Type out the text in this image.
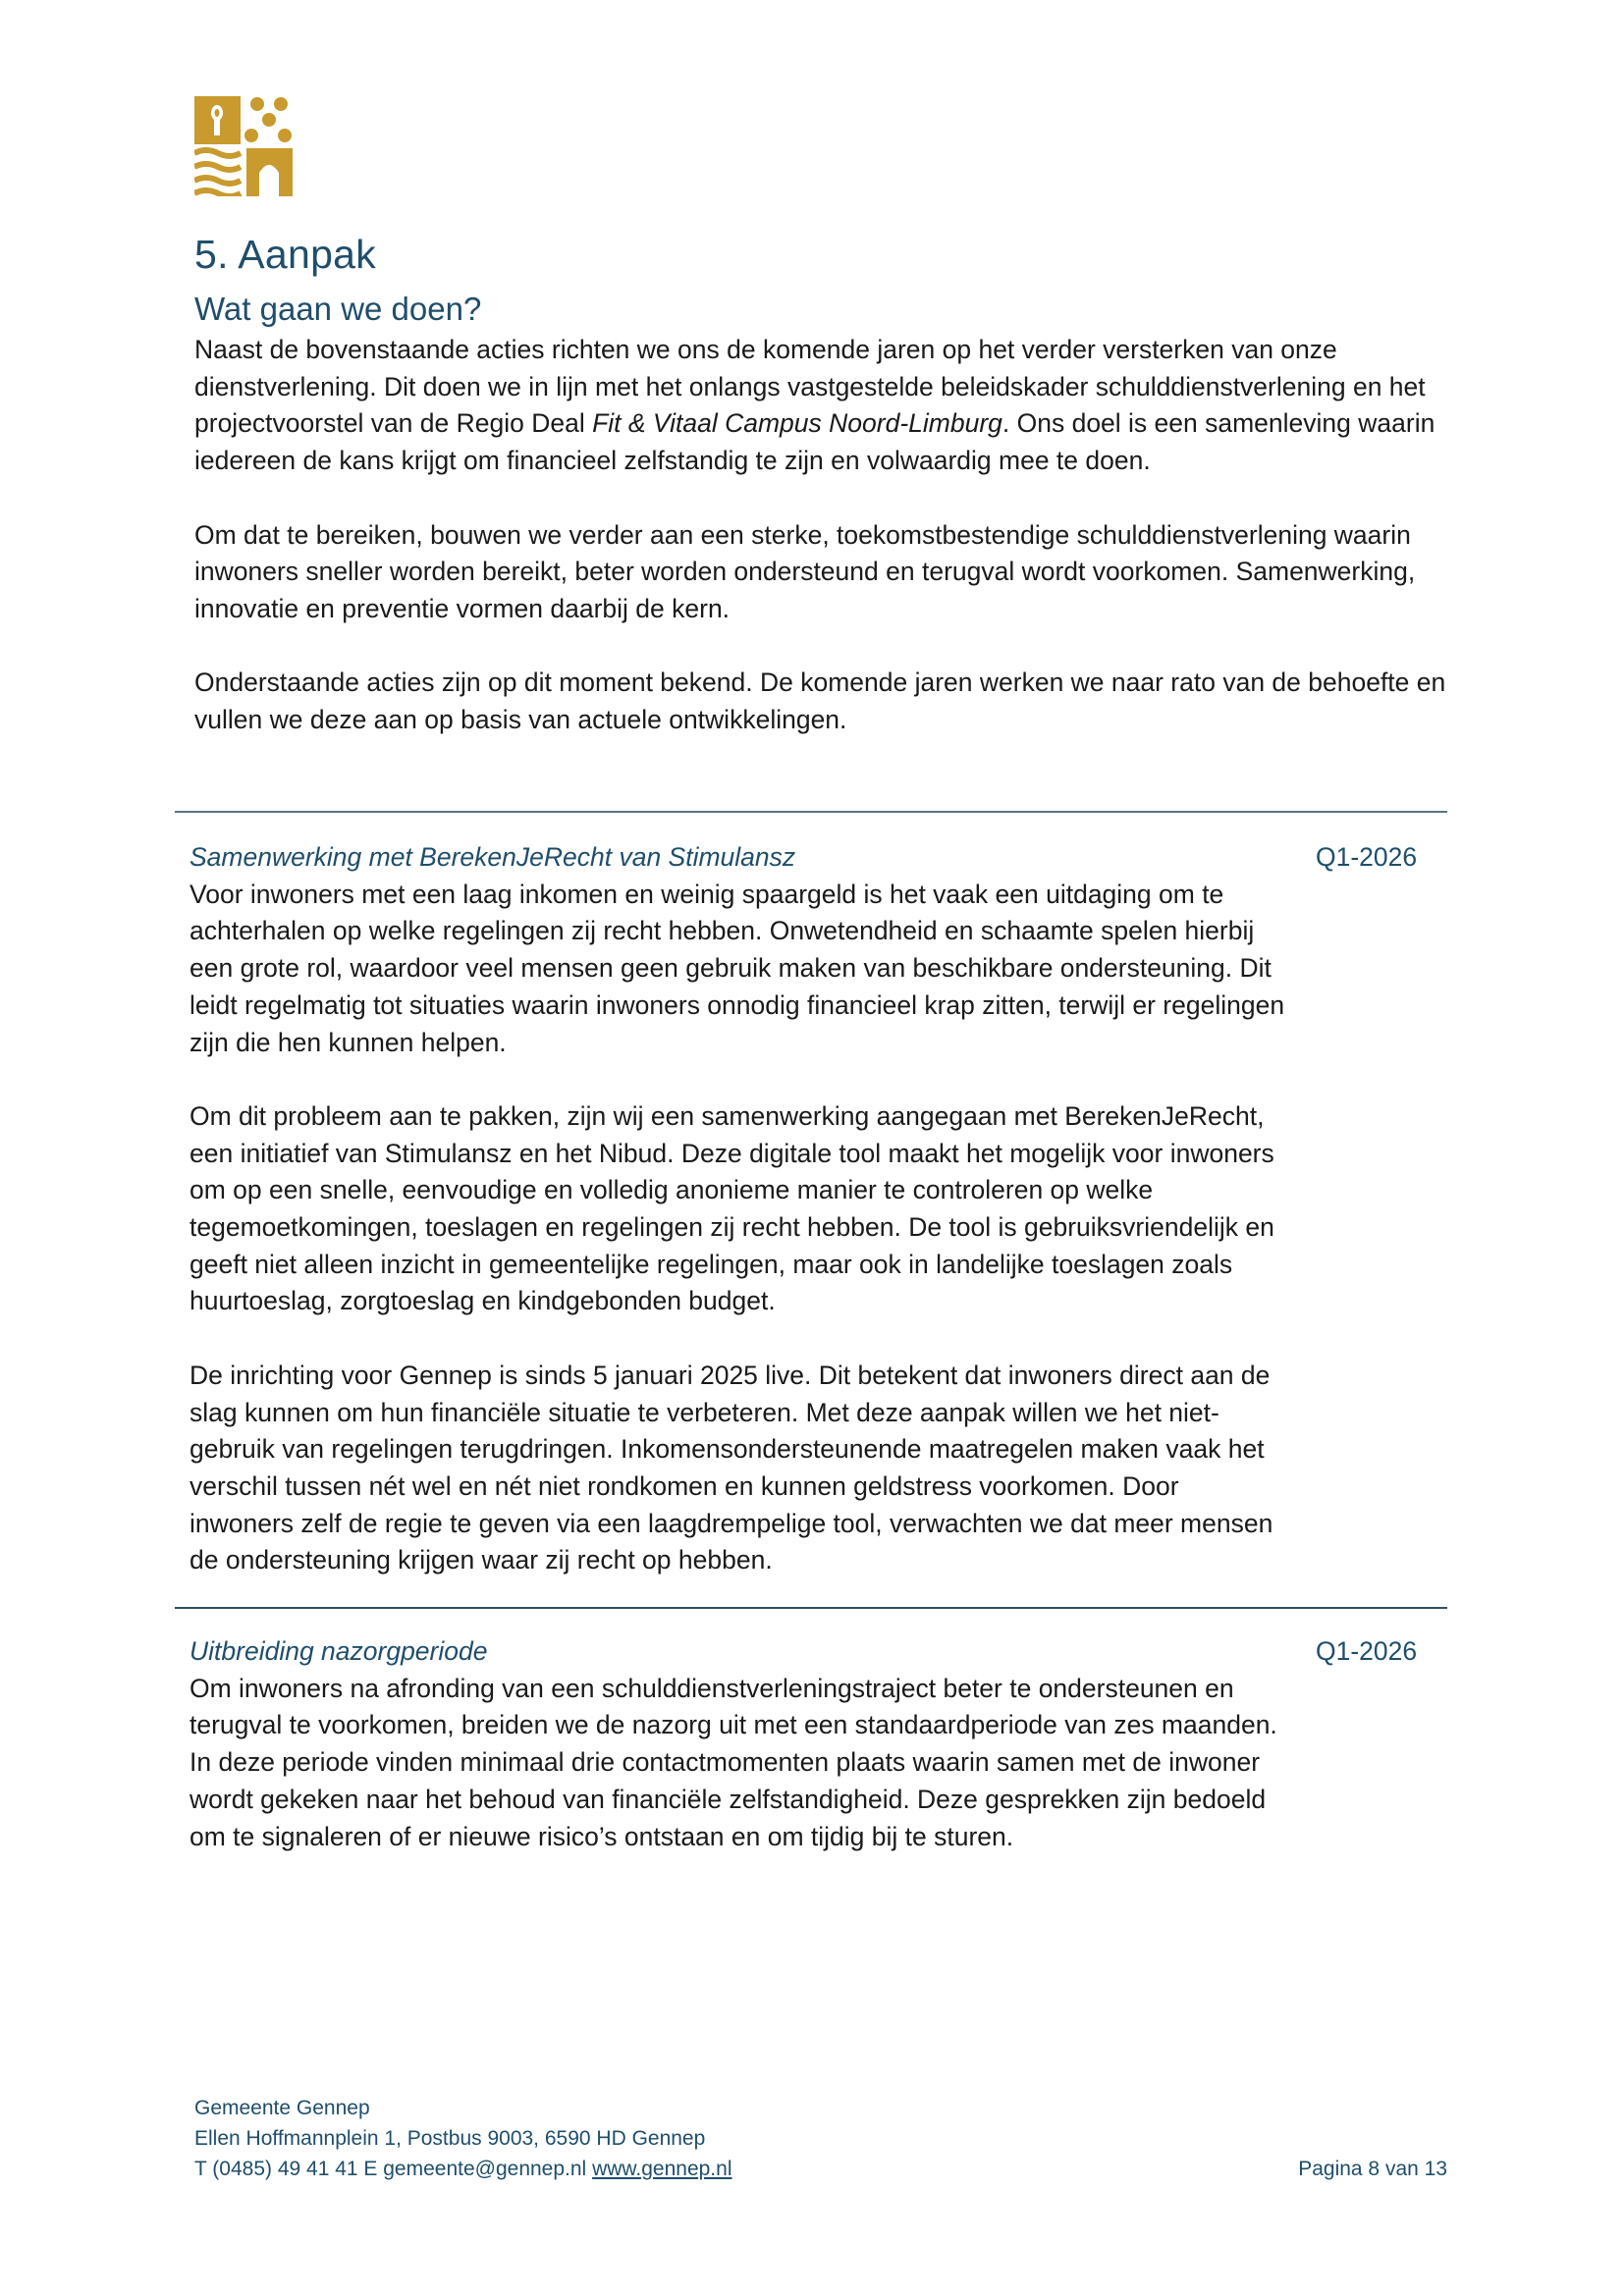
5. Aanpak
Wat gaan we doen?

Naast de bovenstaande acties richten we ons de komende jaren op het verder versterken van onze dienstverlening. Dit doen we in lijn met het onlangs vastgestelde beleidskader schulddienstverlening en het projectvoorstel van de Regio Deal Fit & Vitaal Campus Noord-Limburg. Ons doel is een samenleving waarin iedereen de kans krijgt om financieel zelfstandig te zijn en volwaardig mee te doen.

Om dat te bereiken, bouwen we verder aan een sterke, toekomstbestendige schulddienstverlening waarin inwoners sneller worden bereikt, beter worden ondersteund en terugval wordt voorkomen. Samenwerking, innovatie en preventie vormen daarbij de kern.

Onderstaande acties zijn op dit moment bekend. De komende jaren werken we naar rato van de behoefte en vullen we deze aan op basis van actuele ontwikkelingen.

Samenwerking met BerekenJeRecht van Stimulansz

Voor inwoners met een laag inkomen en weinig spaargeld is het vaak een uitdaging om te achterhalen op welke regelingen zij recht hebben. Onwetendheid en schaamte spelen hierbij een grote rol, waardoor veel mensen geen gebruik maken van beschikbare ondersteuning. Dit leidt regelmatig tot situaties waarin inwoners onnodig financieel krap zitten, terwijl er regelingen zijn die hen kunnen helpen.

Om dit probleem aan te pakken, zijn wij een samenwerking aangegaan met BerekenJeRecht, een initiatief van Stimulansz en het Nibud. Deze digitale tool maakt het mogelijk voor inwoners om op een snelle, eenvoudige en volledig anonieme manier te controleren op welke tegemoetkomingen, toeslagen en regelingen zij recht hebben. De tool is gebruiksvriendelijk en geeft niet alleen inzicht in gemeentelijke regelingen, maar ook in landelijke toeslagen zoals huurtoeslag, zorgtoeslag en kindgebonden budget.

De inrichting voor Gennep is sinds 5 januari 2025 live. Dit betekent dat inwoners direct aan de slag kunnen om hun financiële situatie te verbeteren. Met deze aanpak willen we het niet-gebruik van regelingen terugdringen. Inkomensondersteunende maatregelen maken vaak het verschil tussen nét wel en nét niet rondkomen en kunnen geldstress voorkomen. Door inwoners zelf de regie te geven via een laagdrempelige tool, verwachten we dat meer mensen de ondersteuning krijgen waar zij recht op hebben.

Q1-2026

Uitbreiding nazorgperiode

Om inwoners na afronding van een schulddienstverleningstraject beter te ondersteunen en terugval te voorkomen, breiden we de nazorg uit met een standaardperiode van zes maanden. In deze periode vinden minimaal drie contactmomenten plaats waarin samen met de inwoner wordt gekeken naar het behoud van financiële zelfstandigheid. Deze gesprekken zijn bedoeld om te signaleren of er nieuwe risico’s ontstaan en om tijdig bij te sturen.

Q1-2026
Gemeente Gennep
Ellen Hoffmannplein 1, Postbus 9003, 6590 HD Gennep
T (0485) 49 41 41 E gemeente@gennep.nl www.gennep.nl	Pagina 8 van 13
